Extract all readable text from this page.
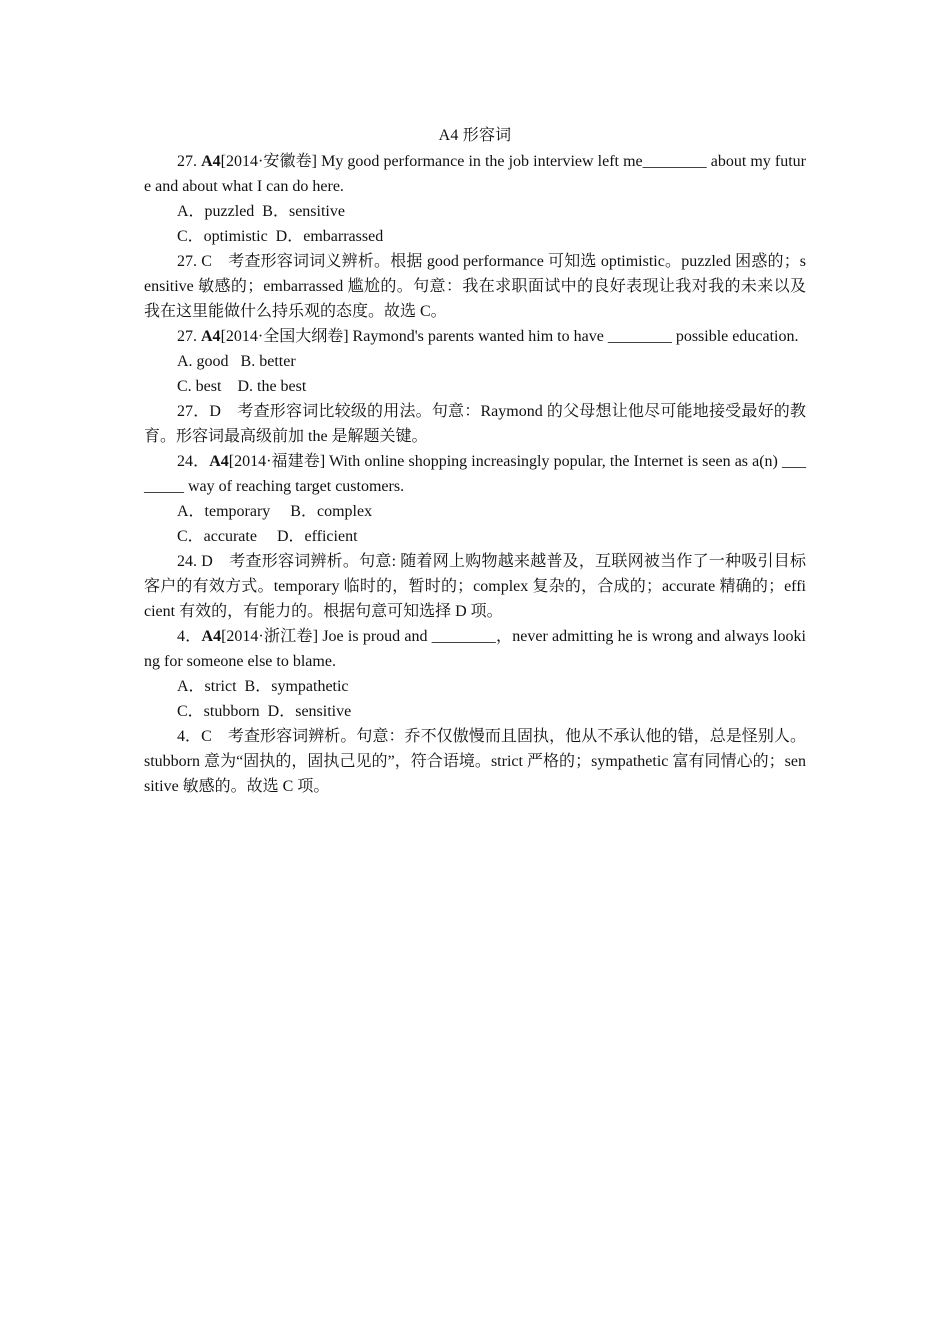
A4 形容词

27. A4[2014·安徽卷] My good performance in the job interview left me________ about my future and about what I can do here.

A．puzzled  B．sensitive

C．optimistic  D．embarrassed

27. C　考查形容词词义辨析。根据 good performance 可知选 optimistic。puzzled 困惑的；sensitive 敏感的；embarrassed 尴尬的。句意：我在求职面试中的良好表现让我对我的未来以及我在这里能做什么持乐观的态度。故选 C。

27. A4[2014·全国大纲卷] Raymond's parents wanted him to have ________ possible education.

A. good   B. better

C. best    D. the best

27．D　考查形容词比较级的用法。句意：Raymond 的父母想让他尽可能地接受最好的教育。形容词最高级前加 the 是解题关键。

24．A4[2014·福建卷] With online shopping increasingly popular, the Internet is seen as a(n) ________ way of reaching target customers.

A．temporary     B．complex

C．accurate     D．efficient

24. D　考查形容词辨析。句意: 随着网上购物越来越普及，互联网被当作了一种吸引目标客户的有效方式。temporary 临时的，暂时的；complex 复杂的，合成的；accurate 精确的；efficient 有效的，有能力的。根据句意可知选择 D 项。

4．A4[2014·浙江卷] Joe is proud and ________，never admitting he is wrong and always looking for someone else to blame.

A．strict  B．sympathetic

C．stubborn  D．sensitive

4．C　考查形容词辨析。句意：乔不仅傲慢而且固执，他从不承认他的错，总是怪别人。stubborn 意为“固执的，固执己见的”，符合语境。strict 严格的；sympathetic 富有同情心的；sensitive 敏感的。故选 C 项。
